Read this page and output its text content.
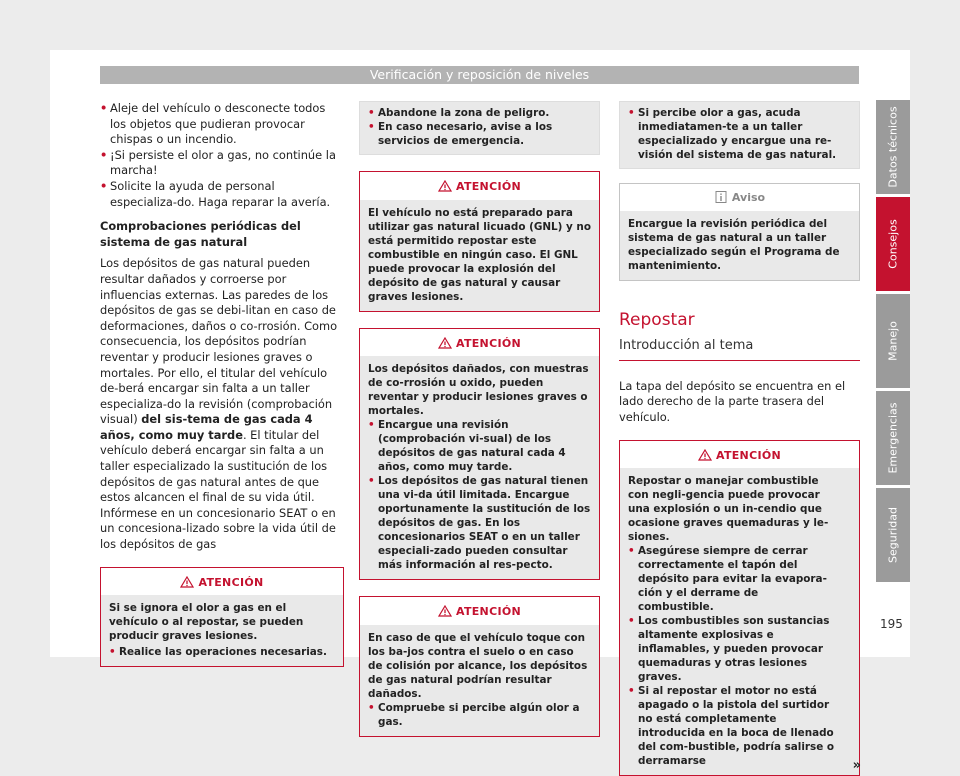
Verificación y reposición de niveles
• Aleje del vehículo o desconecte todos los objetos que pudieran provocar chispas o un incendio.
• ¡Si persiste el olor a gas, no continúe la marcha!
• Solicite la ayuda de personal especializa-do. Haga reparar la avería.

Comprobaciones periódicas del sistema de gas natural

Los depósitos de gas natural pueden resultar dañados y corroerse por influencias externas. Las paredes de los depósitos de gas se debi-litan en caso de deformaciones, daños o co-rrosión. Como consecuencia, los depósitos podrían reventar y producir lesiones graves o mortales. Por ello, el titular del vehículo de-berá encargar sin falta a un taller especializa-do la revisión (comprobación visual) del sis-tema de gas cada 4 años, como muy tarde. El titular del vehículo deberá encargar sin falta a un taller especializado la sustitución de los depósitos de gas natural antes de que estos alcancen el final de su vida útil. Infórmese en un concesionario SEAT o en un concesiona-lizado sobre la vida útil de los depósitos de gas

ATENCIÓN

Si se ignora el olor a gas en el vehículo o al repostar, se pueden producir graves lesiones.

• Realice las operaciones necesarias.
• Abandone la zona de peligro.
• En caso necesario, avise a los servicios de emergencia.
ATENCIÓN

El vehículo no está preparado para utilizar gas natural licuado (GNL) y no está permitido repostar este combustible en ningún caso. El GNL puede provocar la explosión del depósito de gas natural y causar graves lesiones.

ATENCIÓN

Los depósitos dañados, con muestras de co-rrosión u oxido, pueden reventar y producir lesiones graves o mortales.

• Encargue una revisión (comprobación vi-sual) de los depósitos de gas natural cada 4 años, como muy tarde.
• Los depósitos de gas natural tienen una vi-da útil limitada. Encargue oportunamente la sustitución de los depósitos de gas. En los concesionarios SEAT o en un taller especiali-zado pueden consultar más información al res-pecto.
ATENCIÓN

En caso de que el vehículo toque con los ba-jos contra el suelo o en caso de colisión por alcance, los depósitos de gas natural podrían resultar dañados.

• Compruebe si percibe algún olor a gas.
• Si percibe olor a gas, acuda inmediatamen-te a un taller especializado y encargue una re-visión del sistema de gas natural.
Aviso
Encargue la revisión periódica del sistema de gas natural a un taller especializado según el Programa de mantenimiento.
Repostar
Introducción al tema

La tapa del depósito se encuentra en el lado derecho de la parte trasera del vehículo.

ATENCIÓN

Repostar o manejar combustible con negli-gencia puede provocar una explosión o un in-cendio que ocasione graves quemaduras y le-siones.

• Asegúrese siempre de cerrar correctamente el tapón del depósito para evitar la evapora-ción y el derrame de combustible.
• Los combustibles son sustancias altamente explosivas e inflamables, y pueden provocar quemaduras y otras lesiones graves.
• Si al repostar el motor no está apagado o la pistola del surtidor no está completamente introducida en la boca de llenado del com-bustible, podría salirse o derramarse	»
Datos técnicos
Consejos
Manejo
Emergencias
Seguridad
195
